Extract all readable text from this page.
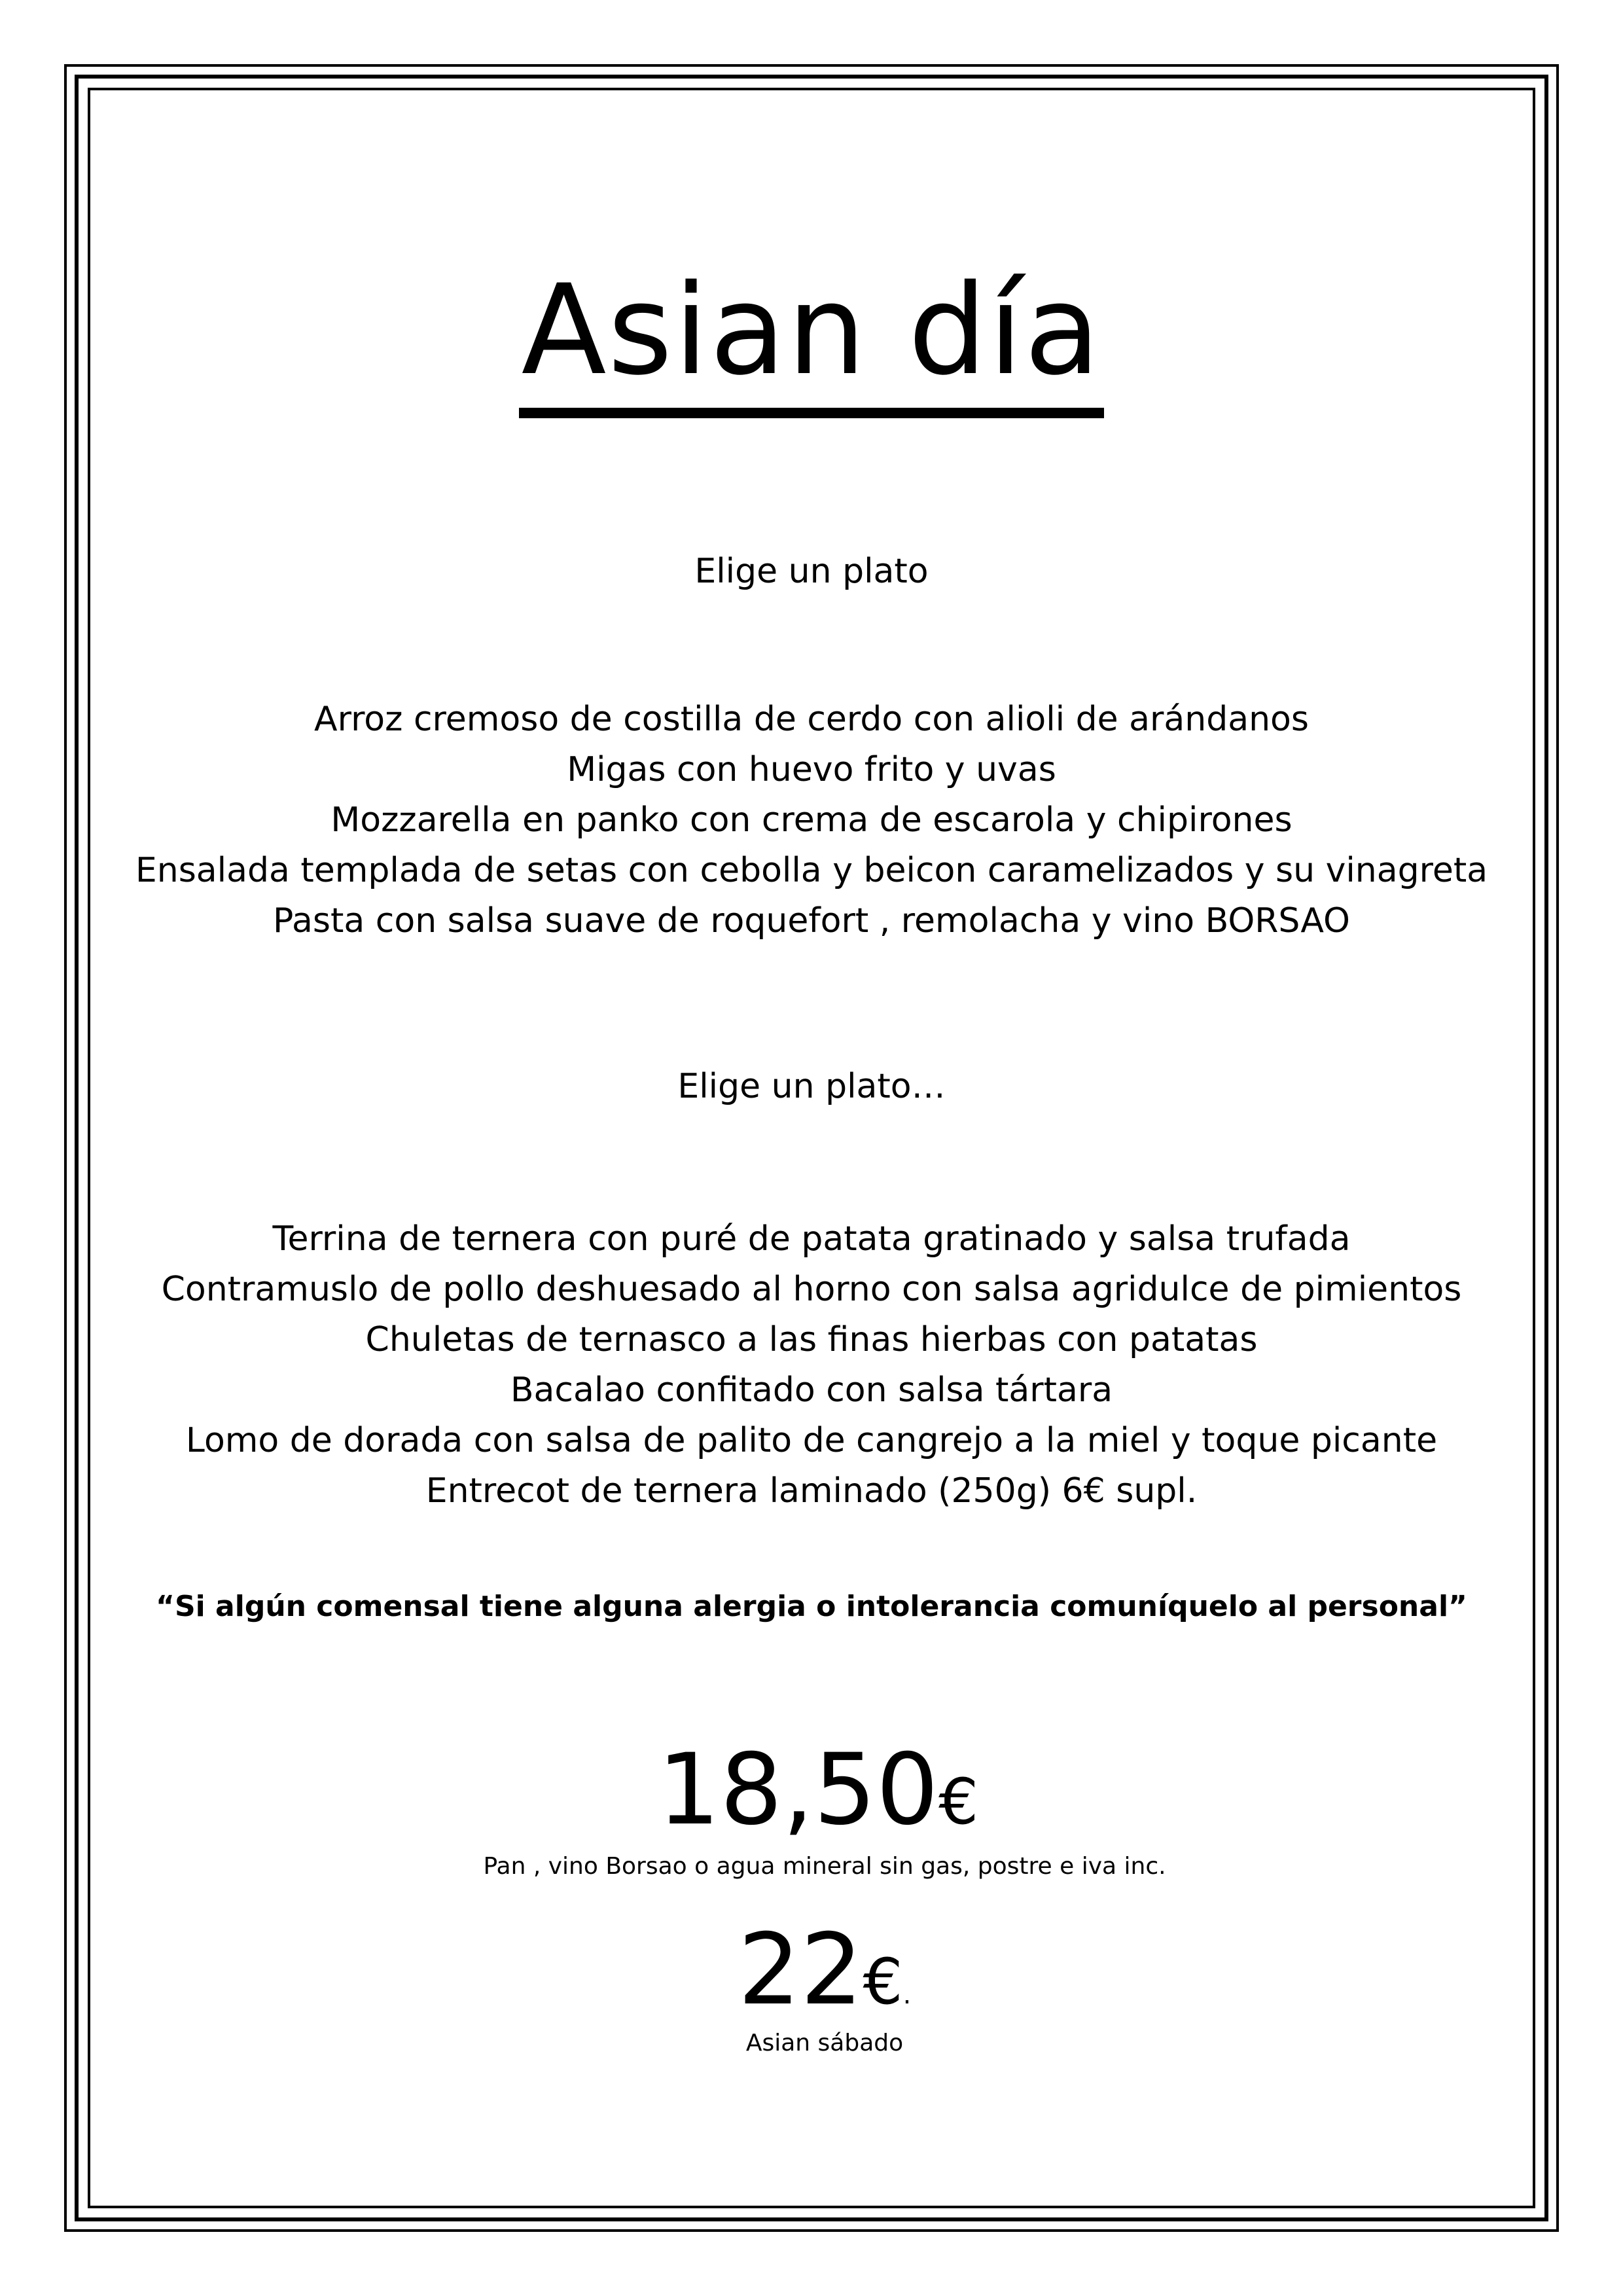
Asian día
Elige un plato
Arroz cremoso de costilla de cerdo con alioli de arándanos
Migas con huevo frito y uvas
Mozzarella en panko con crema de escarola y chipirones
Ensalada templada de setas con cebolla y beicon caramelizados y su vinagreta
Pasta con salsa suave de roquefort , remolacha y vino BORSAO
Elige un plato…
Terrina de ternera con puré de patata gratinado y salsa trufada
Contramuslo de pollo deshuesado al horno con salsa agridulce de pimientos
Chuletas de ternasco a las finas hierbas con patatas
Bacalao confitado con salsa tártara
Lomo de dorada con salsa de palito de cangrejo a la miel y toque picante
Entrecot de ternera laminado (250g) 6€ supl.
“Si algún comensal tiene alguna alergia o intolerancia comuníquelo al personal”
18,50€
Pan , vino Borsao o agua mineral sin gas, postre e iva inc.
22€.
Asian sábado
